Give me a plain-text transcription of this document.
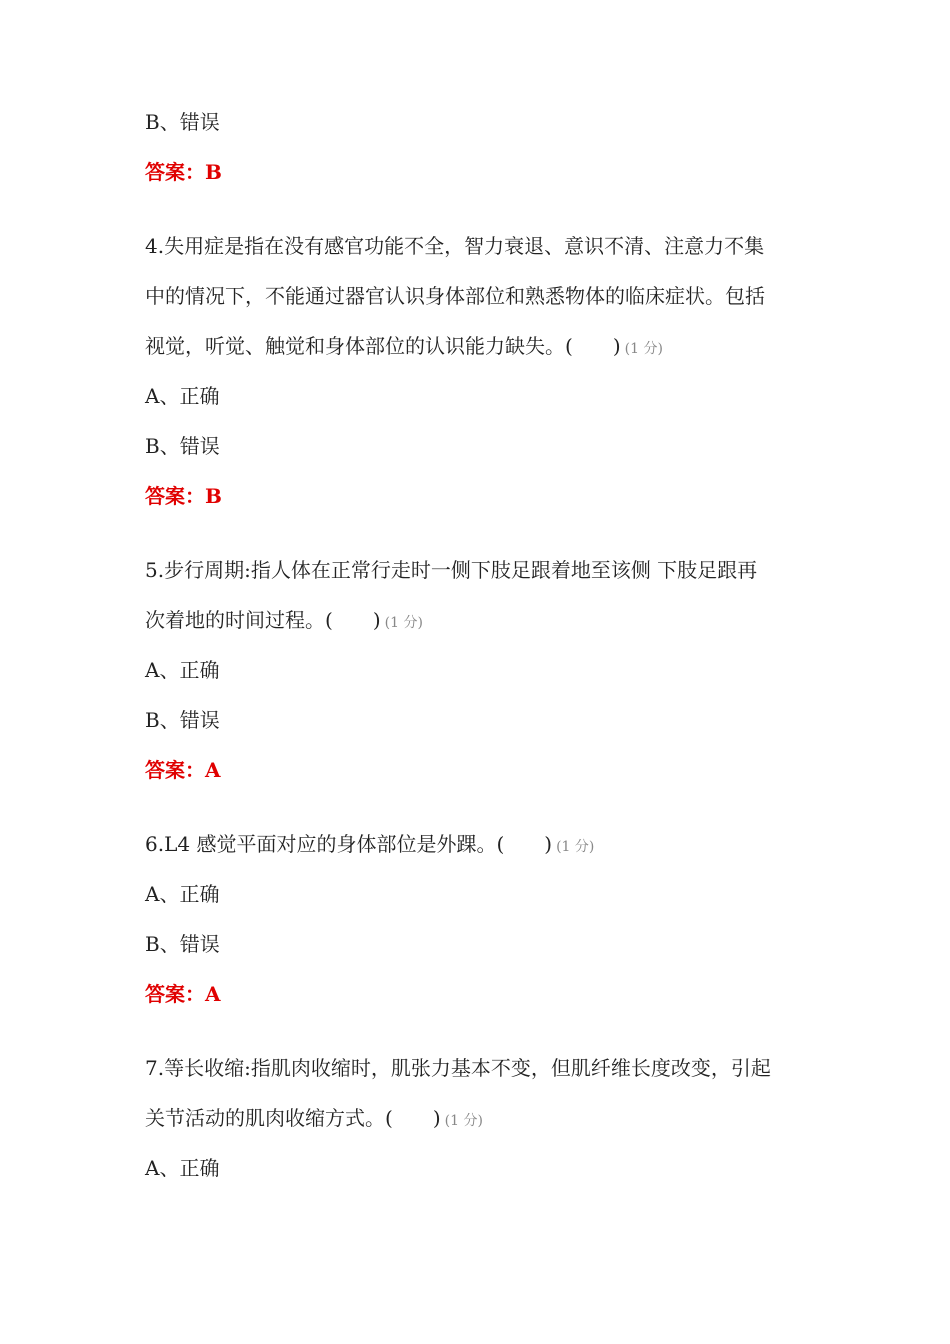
B、错误
答案：B
4.失用症是指在没有感官功能不全，智力衰退、意识不清、注意力不集
中的情况下，不能通过器官认识身体部位和熟悉物体的临床症状。包括
视觉，听觉、触觉和身体部位的认识能力缺失。( ) (1 分)
A、正确
B、错误
答案：B
5.步行周期:指人体在正常行走时一侧下肢足跟着地至该侧 下肢足跟再
次着地的时间过程。( ) (1 分)
A、正确
B、错误
答案：A
6.L4 感觉平面对应的身体部位是外踝。( ) (1 分)
A、正确
B、错误
答案：A
7.等长收缩:指肌肉收缩时，肌张力基本不变，但肌纤维长度改变，引起
关节活动的肌肉收缩方式。( ) (1 分)
A、正确
